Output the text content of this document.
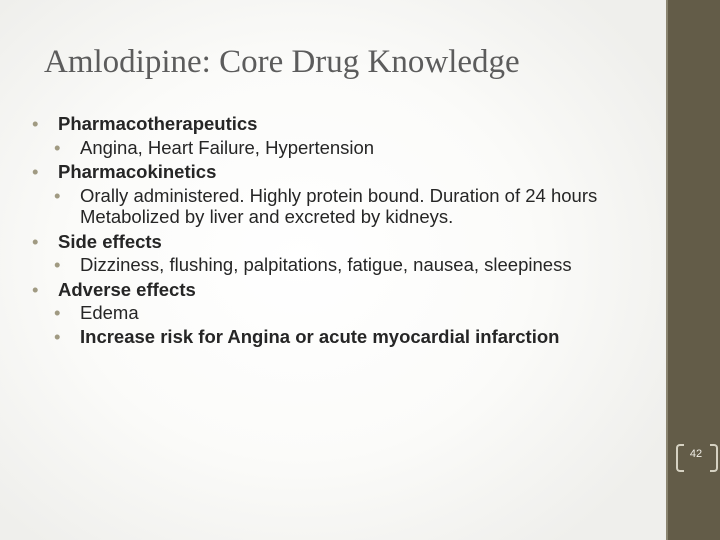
Amlodipine: Core Drug Knowledge
• Pharmacotherapeutics
• Angina, Heart Failure, Hypertension
• Pharmacokinetics
• Orally administered. Highly protein bound. Duration of 24 hours  Metabolized by liver and excreted by kidneys.
• Side effects
• Dizziness, flushing, palpitations, fatigue, nausea, sleepiness
• Adverse effects
• Edema
• Increase risk for Angina or acute myocardial infarction
42
